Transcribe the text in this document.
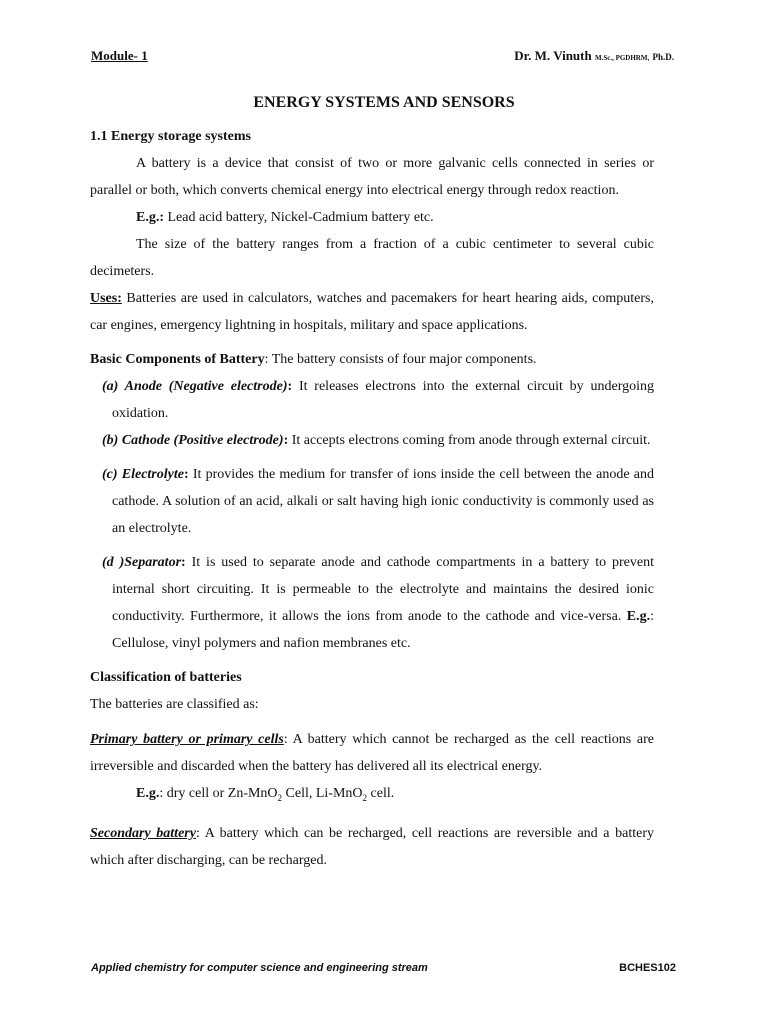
Module- 1	Dr. M. Vinuth M.Sc., PGDHRM, Ph.D.
ENERGY SYSTEMS AND SENSORS

1.1 Energy storage systems

A battery is a device that consist of two or more galvanic cells connected in series or parallel or both, which converts chemical energy into electrical energy through redox reaction.

E.g.: Lead acid battery, Nickel-Cadmium battery etc.

The size of the battery ranges from a fraction of a cubic centimeter to several cubic decimeters.

Uses: Batteries are used in calculators, watches and pacemakers for heart hearing aids, computers, car engines, emergency lightning in hospitals, military and space applications.

Basic Components of Battery: The battery consists of four major components.

(a) Anode (Negative electrode): It releases electrons into the external circuit by undergoing oxidation.

(b) Cathode (Positive electrode): It accepts electrons coming from anode through external circuit.

(c) Electrolyte: It provides the medium for transfer of ions inside the cell between the anode and cathode. A solution of an acid, alkali or salt having high ionic conductivity is commonly used as an electrolyte.

(d )Separator: It is used to separate anode and cathode compartments in a battery to prevent internal short circuiting. It is permeable to the electrolyte and maintains the desired ionic conductivity. Furthermore, it allows the ions from anode to the cathode and vice-versa. E.g.: Cellulose, vinyl polymers and nafion membranes etc.

Classification of batteries

The batteries are classified as:

Primary battery or primary cells: A battery which cannot be recharged as the cell reactions are irreversible and discarded when the battery has delivered all its electrical energy.

E.g.: dry cell or Zn-MnO$_2$ Cell, Li-MnO$_2$ cell.

Secondary battery: A battery which can be recharged, cell reactions are reversible and a battery which after discharging, can be recharged.

Applied chemistry for computer science and engineering stream	BCHES102
